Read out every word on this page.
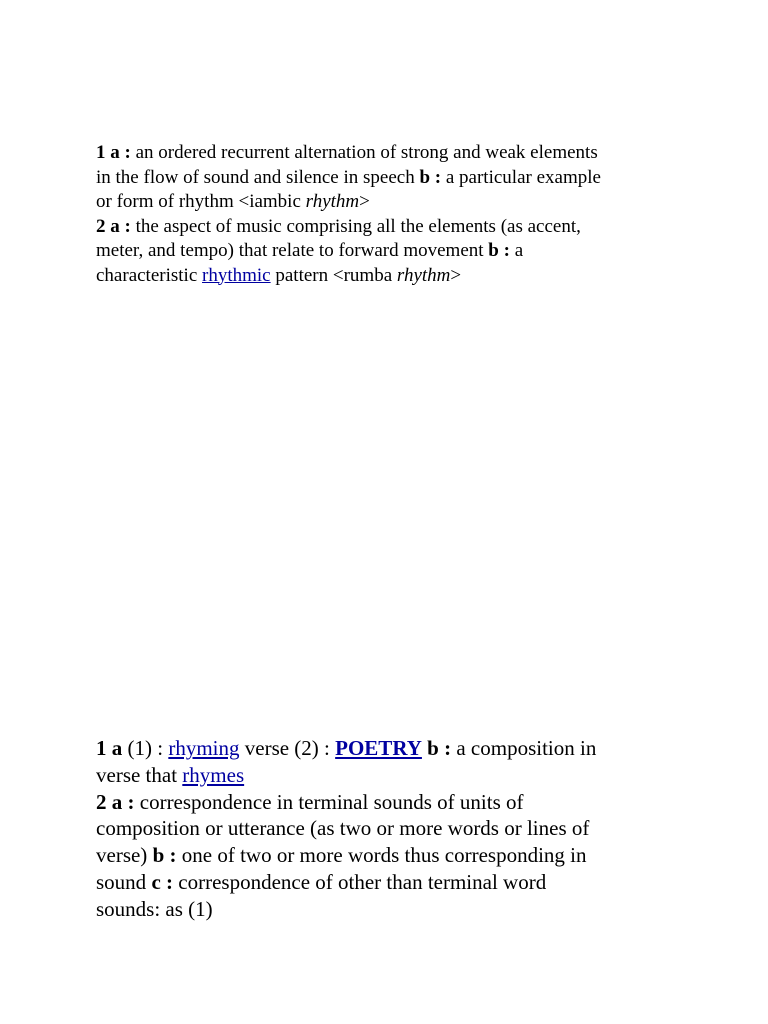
1 a : an ordered recurrent alternation of strong and weak elements
in the flow of sound and silence in speech b : a particular example
or form of rhythm <iambic rhythm>
2 a : the aspect of music comprising all the elements (as accent,
meter, and tempo) that relate to forward movement b : a
characteristic rhythmic pattern <rumba rhythm>
1 a (1) : rhyming verse (2) : POETRY b : a composition in
verse that rhymes
2 a : correspondence in terminal sounds of units of
composition or utterance (as two or more words or lines of
verse) b : one of two or more words thus corresponding in
sound c : correspondence of other than terminal word
sounds: as (1)
